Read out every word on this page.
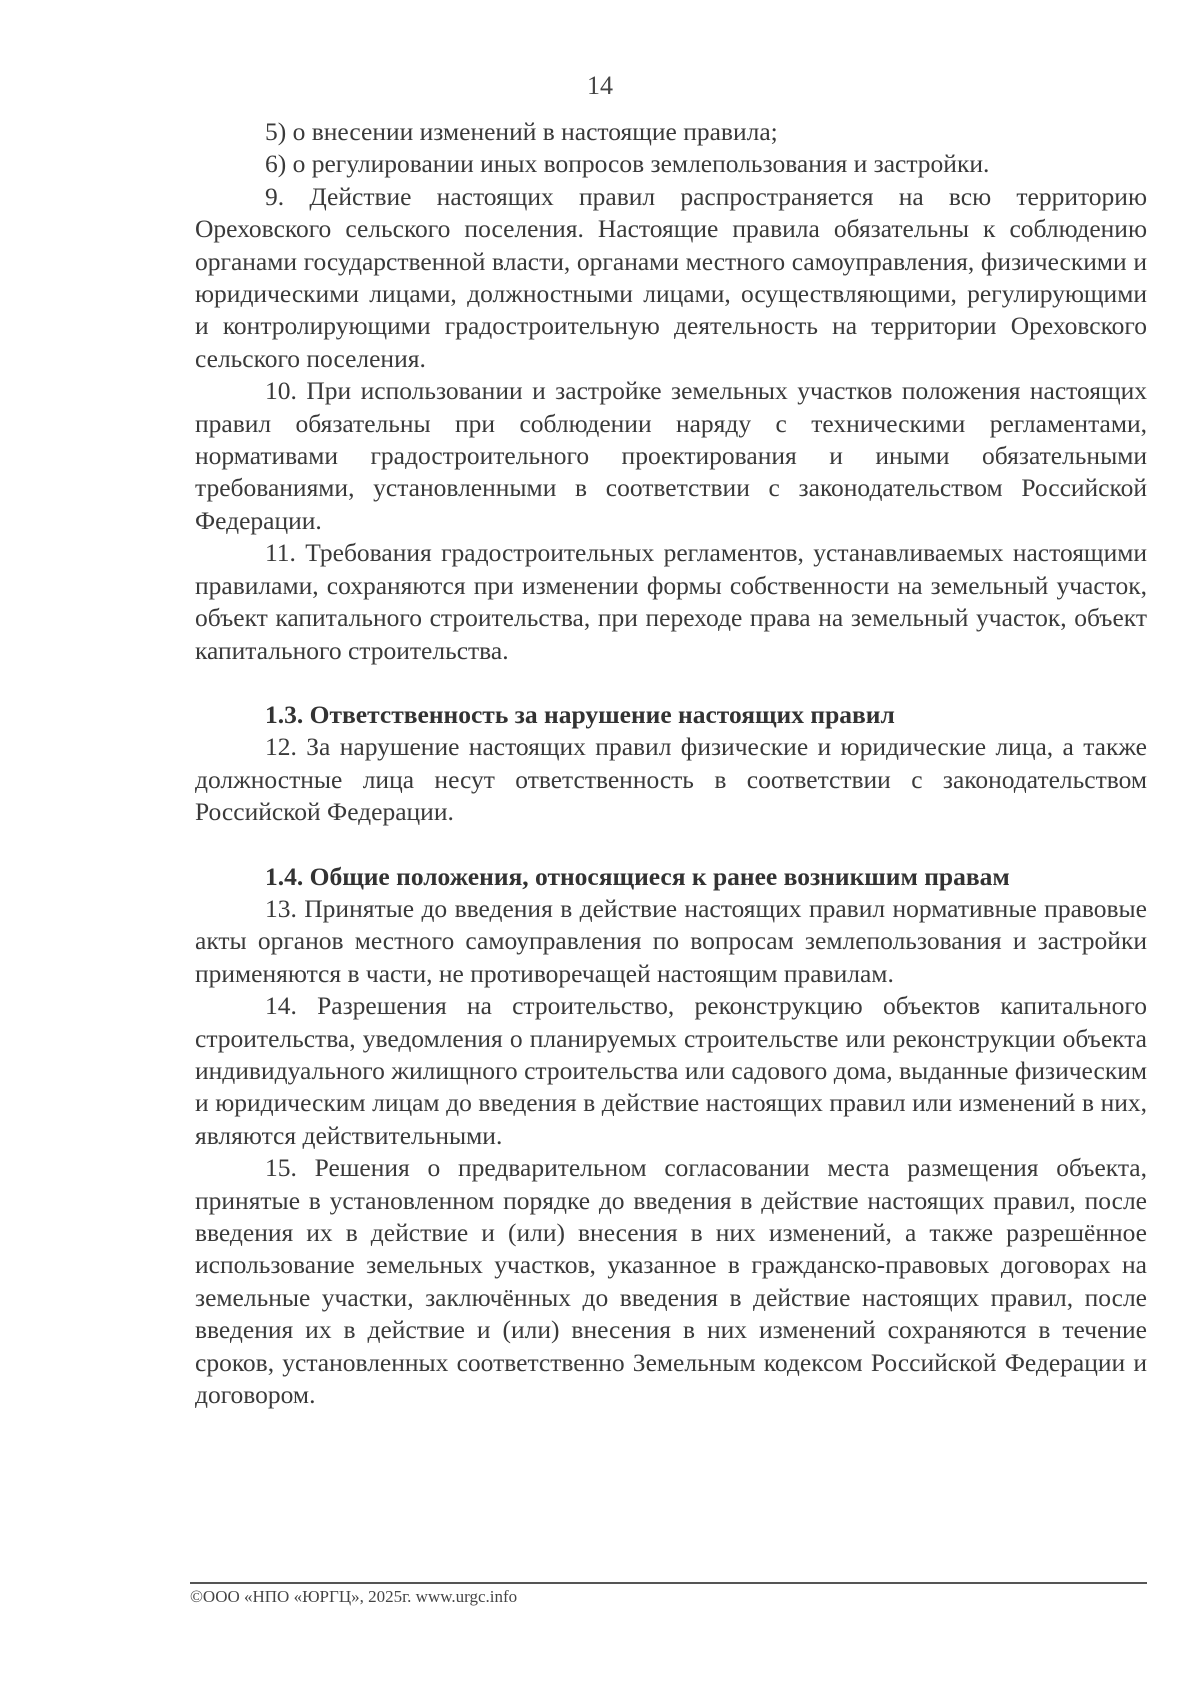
14

5) о внесении изменений в настоящие правила;

6) о регулировании иных вопросов землепользования и застройки.

9. Действие настоящих правил распространяется на всю территорию Ореховского сельского поселения. Настоящие правила обязательны к соблюдению органами государственной власти, органами местного самоуправления, физическими и юридическими лицами, должностными лицами, осуществляющими, регулирующими и контролирующими градостроительную деятельность на территории Ореховского сельского поселения.

10. При использовании и застройке земельных участков положения настоящих правил обязательны при соблюдении наряду с техническими регламентами, нормативами градостроительного проектирования и иными обязательными требованиями, установленными в соответствии с законодательством Российской Федерации.

11. Требования градостроительных регламентов, устанавливаемых настоящими правилами, сохраняются при изменении формы собственности на земельный участок, объект капитального строительства, при переходе права на земельный участок, объект капитального строительства.

1.3. Ответственность за нарушение настоящих правил

12. За нарушение настоящих правил физические и юридические лица, а также должностные лица несут ответственность в соответствии с законодательством Российской Федерации.

1.4. Общие положения, относящиеся к ранее возникшим правам

13. Принятые до введения в действие настоящих правил нормативные правовые акты органов местного самоуправления по вопросам землепользования и застройки применяются в части, не противоречащей настоящим правилам.

14. Разрешения на строительство, реконструкцию объектов капитального строительства, уведомления о планируемых строительстве или реконструкции объекта индивидуального жилищного строительства или садового дома, выданные физическим и юридическим лицам до введения в действие настоящих правил или изменений в них, являются действительными.

15. Решения о предварительном согласовании места размещения объекта, принятые в установленном порядке до введения в действие настоящих правил, после введения их в действие и (или) внесения в них изменений, а также разрешённое использование земельных участков, указанное в гражданско-правовых договорах на земельные участки, заключённых до введения в действие настоящих правил, после введения их в действие и (или) внесения в них изменений сохраняются в течение сроков, установленных соответственно Земельным кодексом Российской Федерации и договором.

©ООО «НПО «ЮРГЦ», 2025г. www.urgc.info
